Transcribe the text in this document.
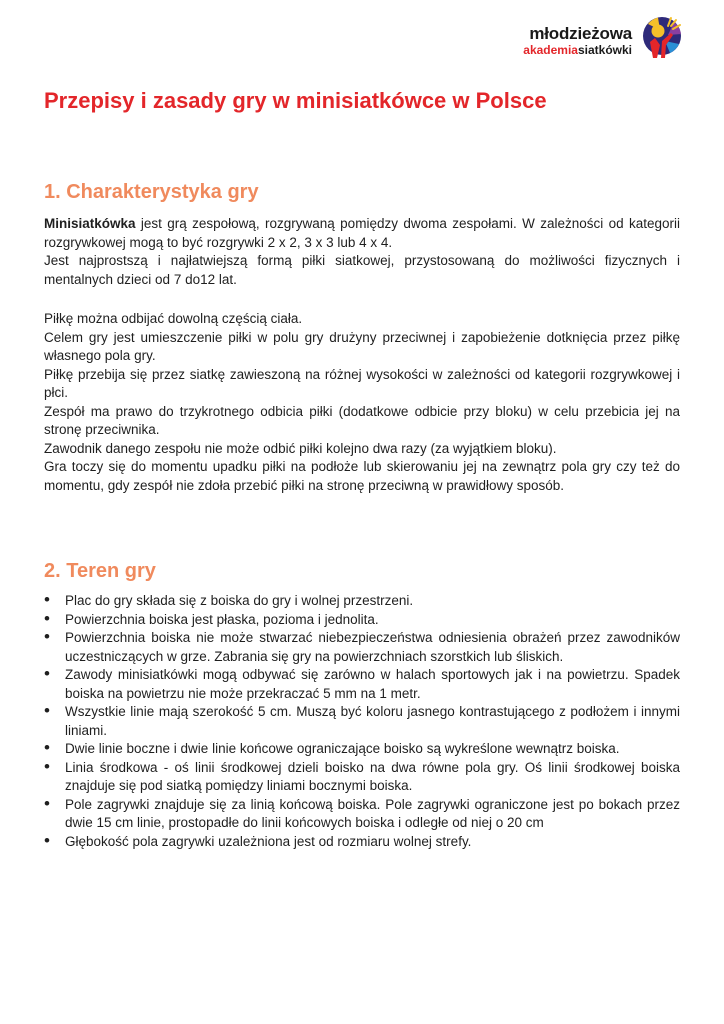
młodzieżowa
akademiasiatkówki
Przepisy i zasady gry w minisiatkówce w Polsce
1. Charakterystyka gry

Minisiatkówka jest grą zespołową, rozgrywaną pomiędzy dwoma zespołami. W zależności od kategorii rozgrywkowej mogą to być rozgrywki 2 x 2, 3 x 3 lub 4 x 4.

Jest najprostszą i najłatwiejszą formą piłki siatkowej, przystosowaną do możliwości fizycznych i mentalnych dzieci od 7 do12 lat.

Piłkę można odbijać dowolną częścią ciała.

Celem gry jest umieszczenie piłki w polu gry drużyny przeciwnej i zapobieżenie dotknięcia przez piłkę własnego pola gry.

Piłkę przebija się przez siatkę zawieszoną na różnej wysokości w zależności od kategorii rozgrywkowej i płci.

Zespół ma prawo do trzykrotnego odbicia piłki (dodatkowe odbicie przy bloku) w celu przebicia jej na stronę przeciwnika.

Zawodnik danego zespołu nie może odbić piłki kolejno dwa razy (za wyjątkiem bloku).

Gra toczy się do momentu upadku piłki na podłoże lub skierowaniu jej na zewnątrz pola gry czy też do momentu, gdy zespół nie zdoła przebić piłki na stronę przeciwną w prawidłowy sposób.

2. Teren gry
• Plac do gry składa się z boiska do gry i wolnej przestrzeni.
• Powierzchnia boiska jest płaska, pozioma i jednolita.
• Powierzchnia boiska nie może stwarzać niebezpieczeństwa odniesienia obrażeń przez zawodników uczestniczących w grze. Zabrania się gry na powierzchniach szorstkich lub śliskich.
• Zawody minisiatkówki mogą odbywać się zarówno w halach sportowych jak i na powietrzu. Spadek boiska na powietrzu nie może przekraczać 5 mm na 1 metr.
• Wszystkie linie mają szerokość 5 cm. Muszą być koloru jasnego kontrastującego z podłożem i innymi liniami.
• Dwie linie boczne i dwie linie końcowe ograniczające boisko są wykreślone wewnątrz boiska.
• Linia środkowa - oś linii środkowej dzieli boisko na dwa równe pola gry. Oś linii środkowej boiska znajduje się pod siatką pomiędzy liniami bocznymi boiska.
• Pole zagrywki znajduje się za linią końcową boiska. Pole zagrywki ograniczone jest po bokach przez dwie 15 cm linie, prostopadłe do linii końcowych boiska i odległe od niej o 20 cm
• Głębokość pola zagrywki uzależniona jest od rozmiaru wolnej strefy.
